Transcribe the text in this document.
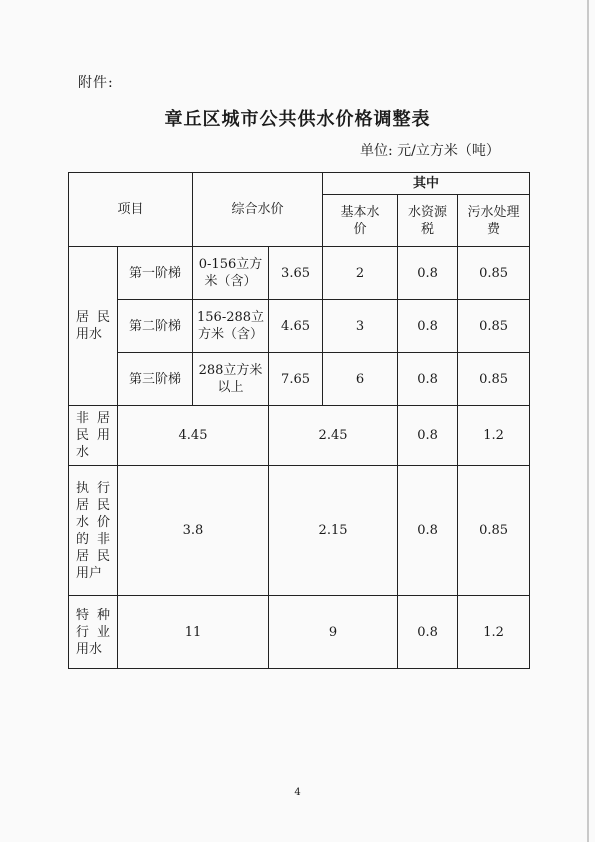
附件:
章丘区城市公共供水价格调整表
单位: 元/立方米（吨）
项目		综合水价		其中		
				基本水价	水资源税	污水处理费

居民用水	第一阶梯	0-156立方米（含）	3.65	2	0.8	0.85
	第二阶梯	156-288立方米（含）	4.65	3	0.8	0.85
	第三阶梯	288立方米以上	7.65	6	0.8	0.85

非居民用水	4.45		2.45		0.8	1.2

执行居民水价的非居民用户	3.8		2.15		0.8	0.85

特种行业用水	11		9		0.8	1.2
4
